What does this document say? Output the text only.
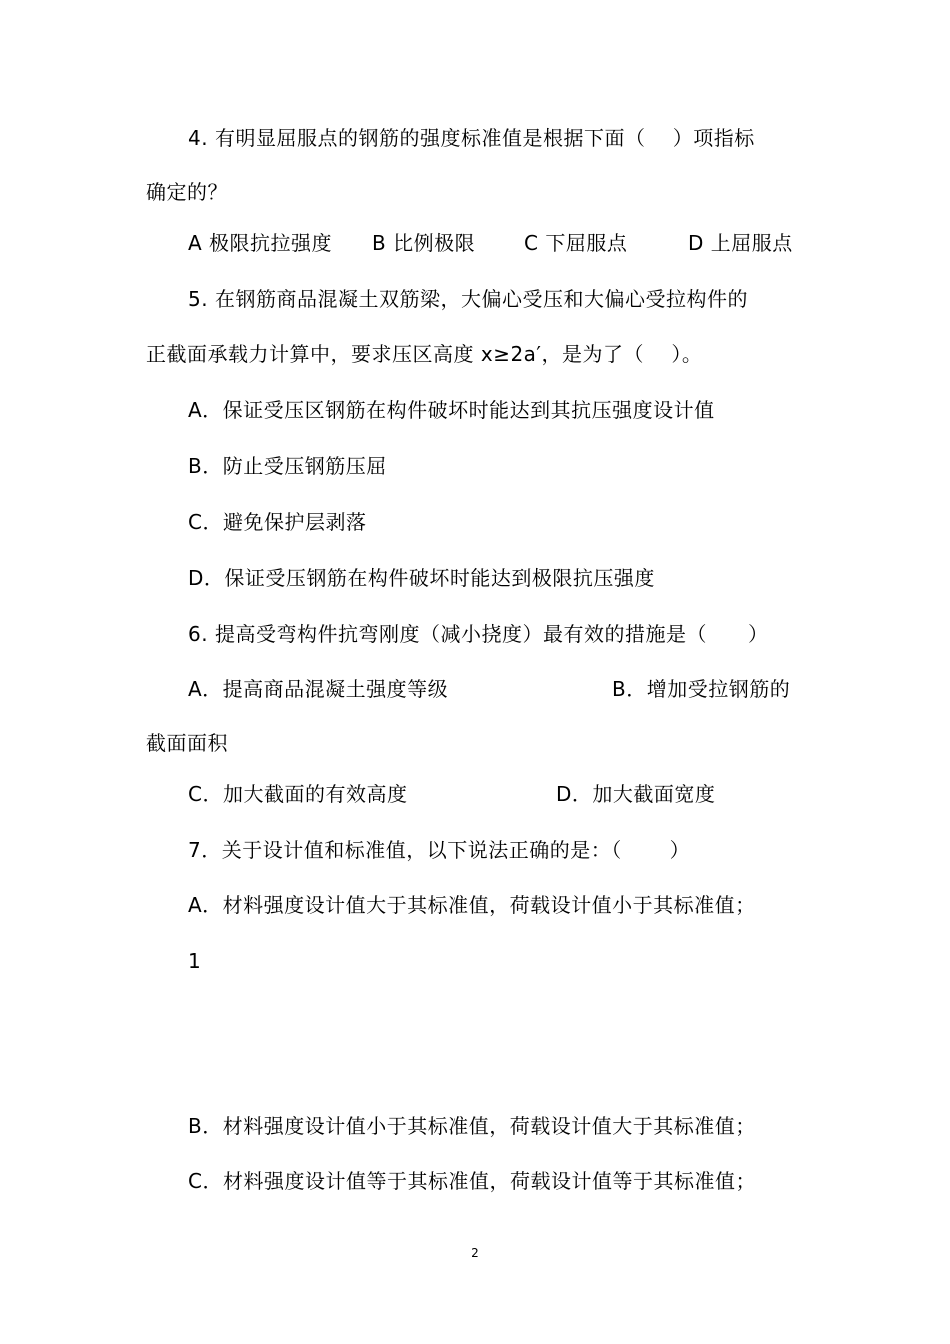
4. 有明显屈服点的钢筋的强度标准值是根据下面（　 ）项指标
确定的？
A 极限抗拉强度 B 比例极限 C 下屈服点	D 上屈服点
5. 在钢筋商品混凝土双筋梁，大偏心受压和大偏心受拉构件的
正截面承载力计算中，要求压区高度 x≥2a′，是为了（　 ）。
A．保证受压区钢筋在构件破坏时能达到其抗压强度设计值
B．防止受压钢筋压屈
C．避免保护层剥落
D．保证受压钢筋在构件破坏时能达到极限抗压强度
6. 提高受弯构件抗弯刚度（减小挠度）最有效的措施是（　　）
A．提高商品混凝土强度等级	B．增加受拉钢筋的
截面面积
C．加大截面的有效高度	D．加大截面宽度
7．关于设计值和标准值，以下说法正确的是：（　　 ）
A．材料强度设计值大于其标准值，荷载设计值小于其标准值；
1
B．材料强度设计值小于其标准值，荷载设计值大于其标准值；
C．材料强度设计值等于其标准值，荷载设计值等于其标准值；
2
